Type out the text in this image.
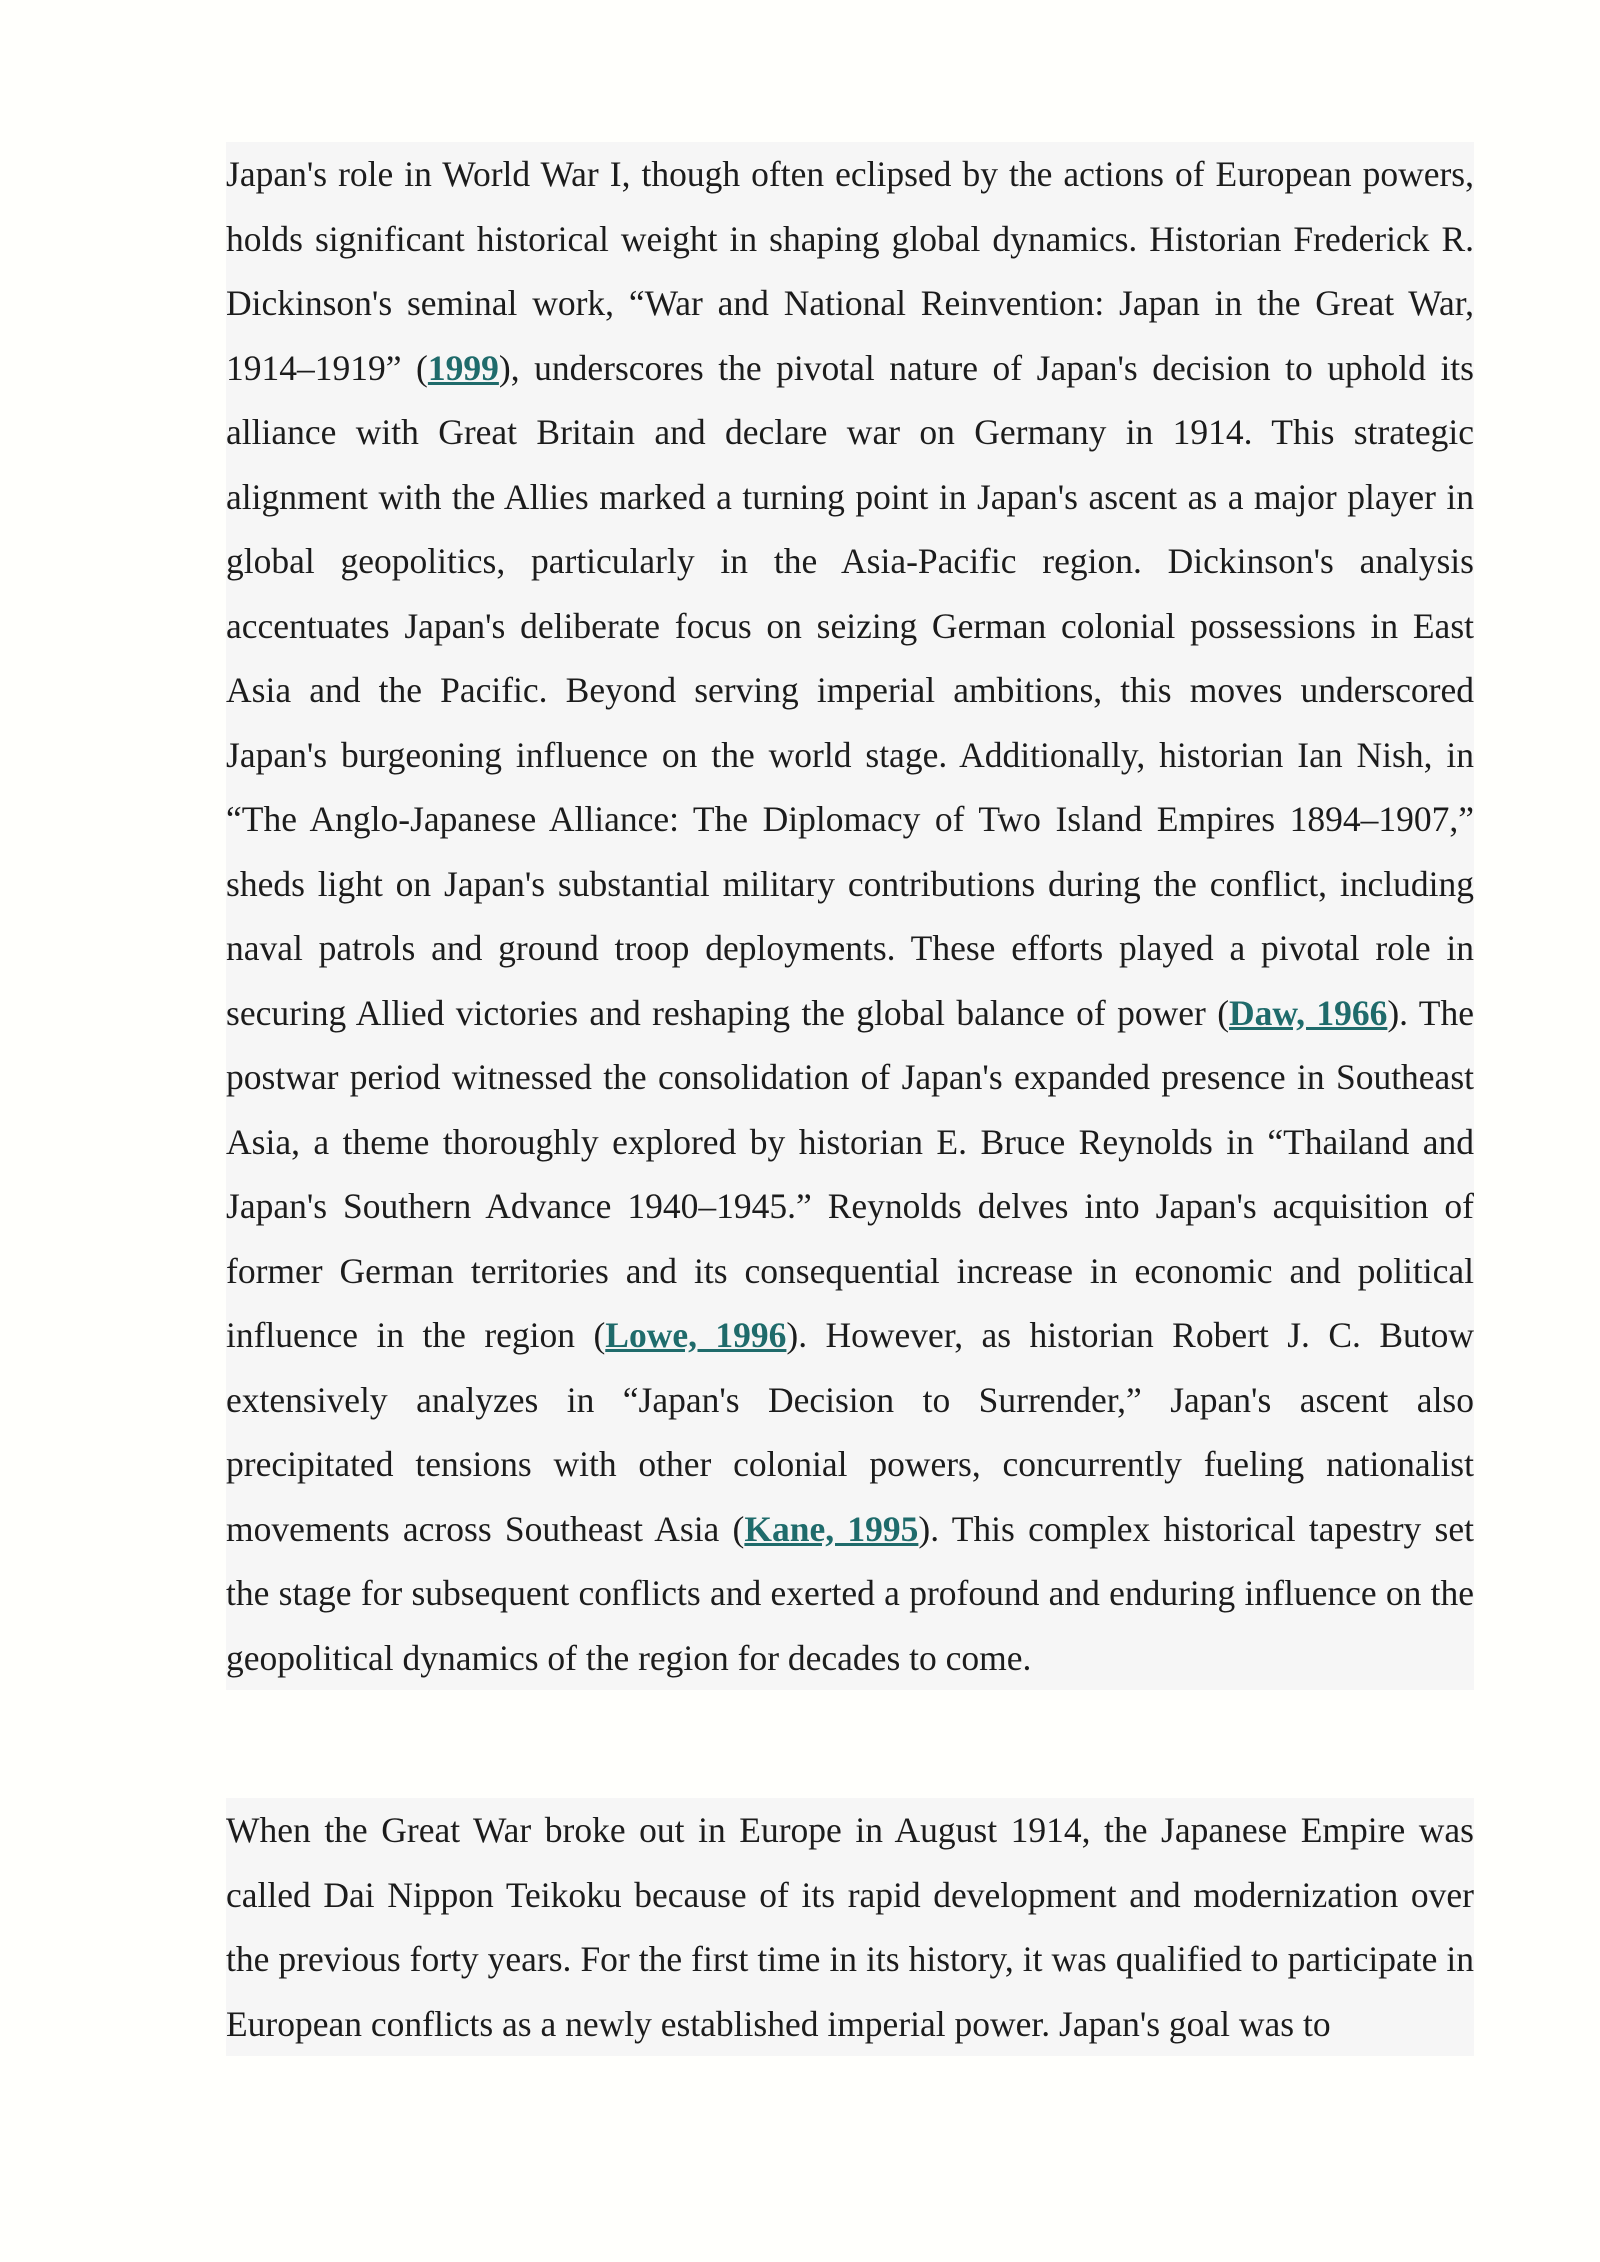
Japan's role in World War I, though often eclipsed by the actions of European powers, holds significant historical weight in shaping global dynamics. Historian Frederick R. Dickinson's seminal work, “War and National Reinvention: Japan in the Great War, 1914–1919” (1999), underscores the pivotal nature of Japan's decision to uphold its alliance with Great Britain and declare war on Germany in 1914. This strategic alignment with the Allies marked a turning point in Japan's ascent as a major player in global geopolitics, particularly in the Asia-Pacific region. Dickinson's analysis accentuates Japan's deliberate focus on seizing German colonial possessions in East Asia and the Pacific. Beyond serving imperial ambitions, this moves underscored Japan's burgeoning influence on the world stage. Additionally, historian Ian Nish, in “The Anglo-Japanese Alliance: The Diplomacy of Two Island Empires 1894–1907,” sheds light on Japan's substantial military contributions during the conflict, including naval patrols and ground troop deployments. These efforts played a pivotal role in securing Allied victories and reshaping the global balance of power (Daw, 1966). The postwar period witnessed the consolidation of Japan's expanded presence in Southeast Asia, a theme thoroughly explored by historian E. Bruce Reynolds in “Thailand and Japan's Southern Advance 1940–1945.” Reynolds delves into Japan's acquisition of former German territories and its consequential increase in economic and political influence in the region (Lowe, 1996). However, as historian Robert J. C. Butow extensively analyzes in “Japan's Decision to Surrender,” Japan's ascent also precipitated tensions with other colonial powers, concurrently fueling nationalist movements across Southeast Asia (Kane, 1995). This complex historical tapestry set the stage for subsequent conflicts and exerted a profound and enduring influence on the geopolitical dynamics of the region for decades to come.

When the Great War broke out in Europe in August 1914, the Japanese Empire was called Dai Nippon Teikoku because of its rapid development and modernization over the previous forty years. For the first time in its history, it was qualified to participate in European conflicts as a newly established imperial power. Japan's goal was to
